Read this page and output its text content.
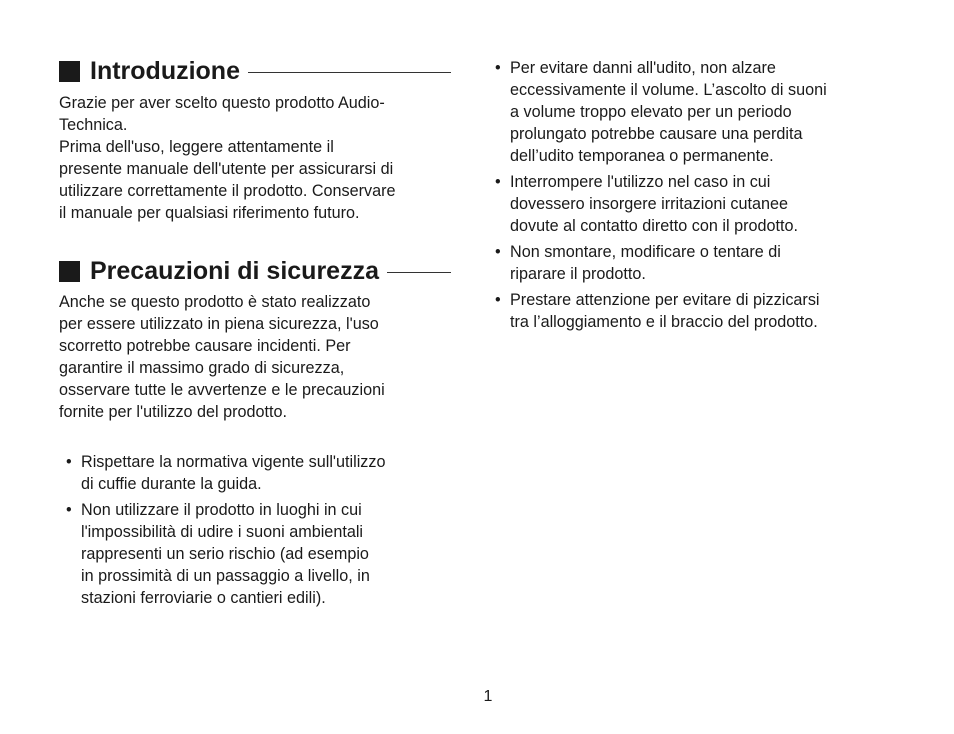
Introduzione

Grazie per aver scelto questo prodotto Audio-
Technica.
Prima dell'uso, leggere attentamente il
presente manuale dell'utente per assicurarsi di
utilizzare correttamente il prodotto. Conservare
il manuale per qualsiasi riferimento futuro.

Precauzioni di sicurezza

Anche se questo prodotto è stato realizzato
per essere utilizzato in piena sicurezza, l'uso
scorretto potrebbe causare incidenti. Per
garantire il massimo grado di sicurezza,
osservare tutte le avvertenze e le precauzioni
fornite per l'utilizzo del prodotto.

• Rispettare la normativa vigente sull'utilizzo
di cuffie durante la guida.
• Non utilizzare il prodotto in luoghi in cui
l'impossibilità di udire i suoni ambientali
rappresenti un serio rischio (ad esempio
in prossimità di un passaggio a livello, in
stazioni ferroviarie o cantieri edili).
• Per evitare danni all'udito, non alzare
eccessivamente il volume. L’ascolto di suoni
a volume troppo elevato per un periodo
prolungato potrebbe causare una perdita
dell’udito temporanea o permanente.
• Interrompere l'utilizzo nel caso in cui
dovessero insorgere irritazioni cutanee
dovute al contatto diretto con il prodotto.
• Non smontare, modificare o tentare di
riparare il prodotto.
• Prestare attenzione per evitare di pizzicarsi
tra l’alloggiamento e il braccio del prodotto.
1
